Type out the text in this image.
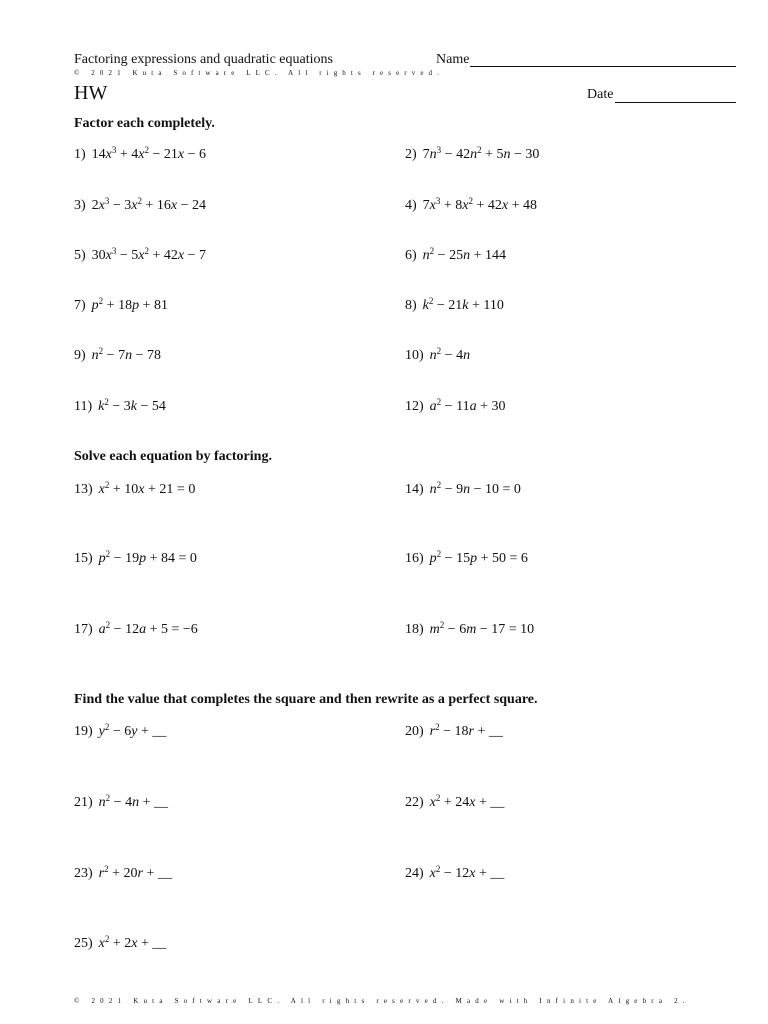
Factoring expressions and quadratic equations	Name
© 2021 Kuta Software LLC. All rights reserved.
HW	Date
Factor each completely.
Solve each equation by factoring.
Find the value that completes the square and then rewrite as a perfect square.
1) $14x^3 + 4x^2 - 21x - 6$	2) $7n^3 - 42n^2 + 5n - 30$
3) $2x^3 - 3x^2 + 16x - 24$	4) $7x^3 + 8x^2 + 42x + 48$
5) $30x^3 - 5x^2 + 42x - 7$	6) $n^2 - 25n + 144$
7) $p^2 + 18p + 81$	8) $k^2 - 21k + 110$
9) $n^2 - 7n - 78$	10) $n^2 - 4n$
11) $k^2 - 3k - 54$	12) $a^2 - 11a + 30$
13) $x^2 + 10x + 21 = 0$	14) $n^2 - 9n - 10 = 0$
15) $p^2 - 19p + 84 = 0$	16) $p^2 - 15p + 50 = 6$
17) $a^2 - 12a + 5 = -6$	18) $m^2 - 6m - 17 = 10$
19) $y^2 - 6y$ + __	20) $r^2 - 18r$ + __
21) $n^2 - 4n$ + __	22) $x^2 + 24x$ + __
23) $r^2 + 20r$ + __	24) $x^2 - 12x$ + __
25) $x^2 + 2x$ + __
© 2021 Kuta Software LLC. All rights reserved. Made with Infinite Algebra 2.
